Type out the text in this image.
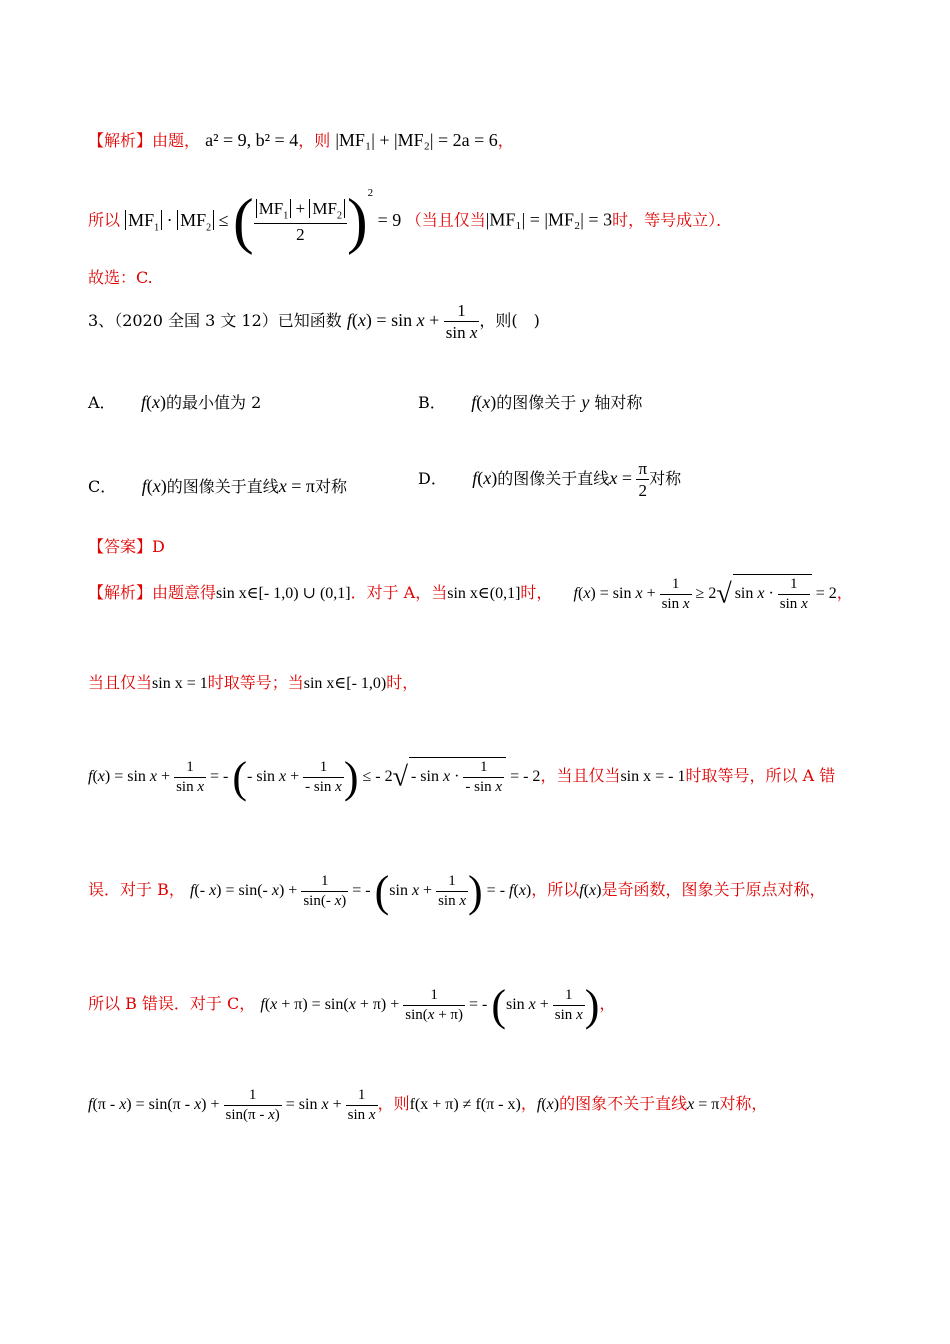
【解析】由题， a² = 9, b² = 4，则 |MF₁| + |MF₂| = 2a = 6，
所以 $MF_1 \cdot MF_2$ ≤ ( $\frac{MF_1 + MF_2}{2} )^2 = 9$ （当且仅当|MF₁| = |MF₂| = 3时，等号成立）．
故选：C.
3、（2020 全国 3 文 12）已知函数 $f(x) = \sin x + \frac{1}{\text{sin x}}$ ，则(　)
A． f(x)的最小值为 2	B． f(x)的图像关于 y 轴对称
C． f(x)的图像关于直线x = π对称	D． f(x)的图像关于直线$x = \frac{\pi}{2}$ 对称
【答案】D
【解析】由题意得sin x∈[- 1,0) ∪ (0,1]．对于 A，当sin x∈(0,1]时， $f(x) = \sin x + \frac{1}{\text{sin x}} \ge 2√$ $\sin x \cdot \frac{1}{\text{sin x}} = 2$，
当且仅当sin x = 1时取等号；当sin x∈[- 1,0)时，
$f(x) = \sin x + \frac{1}{\text{sin x}}$ = - (- $\sin x + \frac{1}{\text{- sin x}}$ ) ≤ - $2√ - \sin x \cdot \frac{1}{\text{- sin x}}$ = - 2，当且仅当sin x = - 1时取等号，所以 A 错
误．对于 B， f(- x) = sin(- $x) + \frac{1}{\sin(- x)}$ = - (sin $x + \frac{1}{\text{sin x}}$ ) = - f(x)，所以f(x)是奇函数，图象关于原点对称，
所以 B 错误．对于 C， $f(x + \pi) = \sin(x + \pi) + \frac{1}{\sin(x + \pi)}$ = - (sin $x + \frac{1}{\text{sin x}}$ )，
$f(\pi - x) = \sin(\pi - x) + \frac{1}{\sin(\pi - x)} = \sin x + \frac{1}{\text{sin x}}$ ，则f(x + π) ≠ f(π - x)，f(x)的图象不关于直线x = π对称，
